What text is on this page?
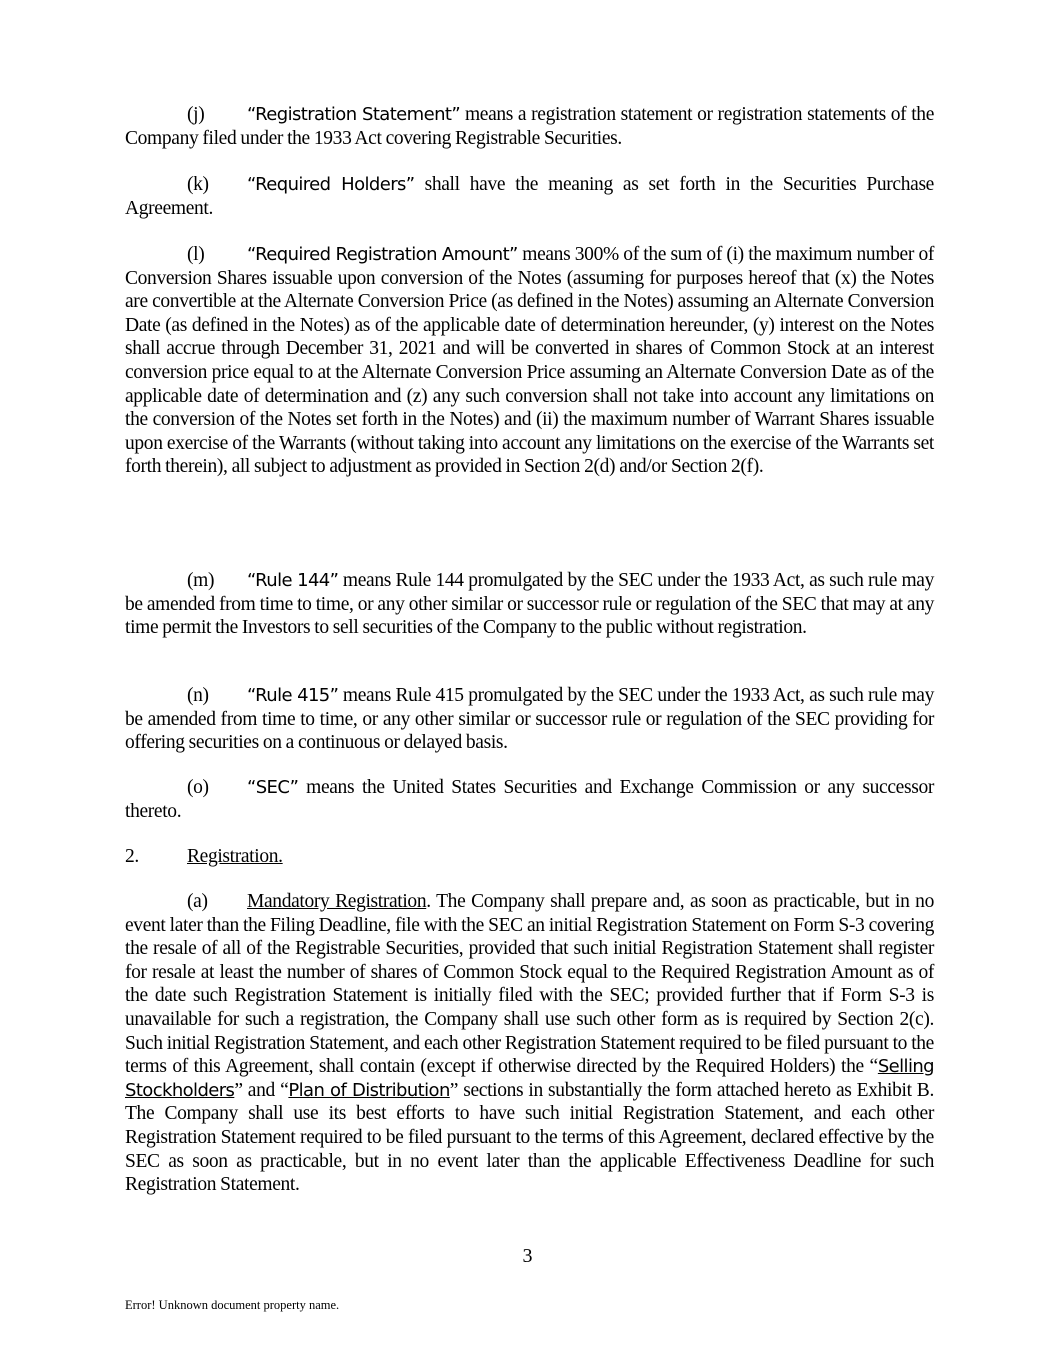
(j) “Registration Statement” means a registration statement or registration statements of the Company filed under the 1933 Act covering Registrable Securities.

(k) “Required Holders” shall have the meaning as set forth in the Securities Purchase Agreement.

(l) “Required Registration Amount” means 300% of the sum of (i) the maximum number of Conversion Shares issuable upon conversion of the Notes (assuming for purposes hereof that (x) the Notes are convertible at the Alternate Conversion Price (as defined in the Notes) assuming an Alternate Conversion Date (as defined in the Notes) as of the applicable date of determination hereunder, (y) interest on the Notes shall accrue through December 31, 2021 and will be converted in shares of Common Stock at an interest conversion price equal to at the Alternate Conversion Price assuming an Alternate Conversion Date as of the applicable date of determination and (z) any such conversion shall not take into account any limitations on the conversion of the Notes set forth in the Notes) and (ii) the maximum number of Warrant Shares issuable upon exercise of the Warrants (without taking into account any limitations on the exercise of the Warrants set forth therein), all subject to adjustment as provided in Section 2(d) and/or Section 2(f).

(m) “Rule 144” means Rule 144 promulgated by the SEC under the 1933 Act, as such rule may be amended from time to time, or any other similar or successor rule or regulation of the SEC that may at any time permit the Investors to sell securities of the Company to the public without registration.

(n) “Rule 415” means Rule 415 promulgated by the SEC under the 1933 Act, as such rule may be amended from time to time, or any other similar or successor rule or regulation of the SEC providing for offering securities on a continuous or delayed basis.

(o) “SEC” means the United States Securities and Exchange Commission or any successor thereto.

2. Registration.

(a) Mandatory Registration. The Company shall prepare and, as soon as practicable, but in no event later than the Filing Deadline, file with the SEC an initial Registration Statement on Form S-3 covering the resale of all of the Registrable Securities, provided that such initial Registration Statement shall register for resale at least the number of shares of Common Stock equal to the Required Registration Amount as of the date such Registration Statement is initially filed with the SEC; provided further that if Form S-3 is unavailable for such a registration, the Company shall use such other form as is required by Section 2(c). Such initial Registration Statement, and each other Registration Statement required to be filed pursuant to the terms of this Agreement, shall contain (except if otherwise directed by the Required Holders) the “Selling Stockholders” and “Plan of Distribution” sections in substantially the form attached hereto as Exhibit B. The Company shall use its best efforts to have such initial Registration Statement, and each other Registration Statement required to be filed pursuant to the terms of this Agreement, declared effective by the SEC as soon as practicable, but in no event later than the applicable Effectiveness Deadline for such Registration Statement.

3
Error! Unknown document property name.
